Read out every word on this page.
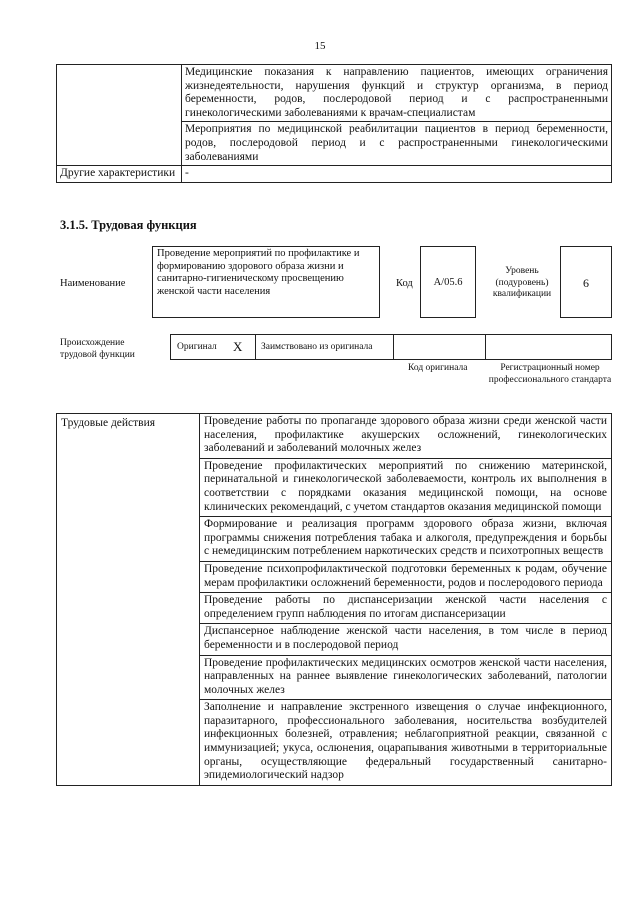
15
	Медицинские показания к направлению пациентов, имеющих ограничения жизнедеятельности, нарушения функций и структур организма, в период беременности, родов, послеродовой период и с распространенными гинекологическими заболеваниями к врачам-специалистам
	Мероприятия по медицинской реабилитации пациентов в период беременности, родов, послеродовой период и с распространенными гинекологическими заболеваниями
Другие характеристики	-
3.1.5. Трудовая функция
Наименование
Проведение мероприятий по профилактике и формированию здорового образа жизни и санитарно-гигиеническому просвещению женской части населения
Код	А/05.6
Уровень (подуровень) квалификации
6
Происхождение трудовой функции
Оригинал X Заимствовано из оригинала
Код оригинала	Регистрационный номер профессионального стандарта
Трудовые действия	Проведение работы по пропаганде здорового образа жизни среди женской части населения, профилактике акушерских осложнений, гинекологических заболеваний и заболеваний молочных желез
Проведение профилактических мероприятий по снижению материнской, перинатальной и гинекологической заболеваемости, контроль их выполнения в соответствии с порядками оказания медицинской помощи, на основе клинических рекомендаций, с учетом стандартов оказания медицинской помощи
Формирование и реализация программ здорового образа жизни, включая программы снижения потребления табака и алкоголя, предупреждения и борьбы с немедицинским потреблением наркотических средств и психотропных веществ
Проведение психопрофилактической подготовки беременных к родам, обучение мерам профилактики осложнений беременности, родов и послеродового периода
Проведение работы по диспансеризации женской части населения с определением групп наблюдения по итогам диспансеризации
Диспансерное наблюдение женской части населения, в том числе в период беременности и в послеродовой период
Проведение профилактических медицинских осмотров женской части населения, направленных на раннее выявление гинекологических заболеваний, патологии молочных желез
Заполнение и направление экстренного извещения о случае инфекционного, паразитарного, профессионального заболевания, носительства возбудителей инфекционных болезней, отравления; неблагоприятной реакции, связанной с иммунизацией; укуса, ослюнения, оцарапывания животными в территориальные органы, осуществляющие федеральный государственный санитарно-эпидемиологический надзор
